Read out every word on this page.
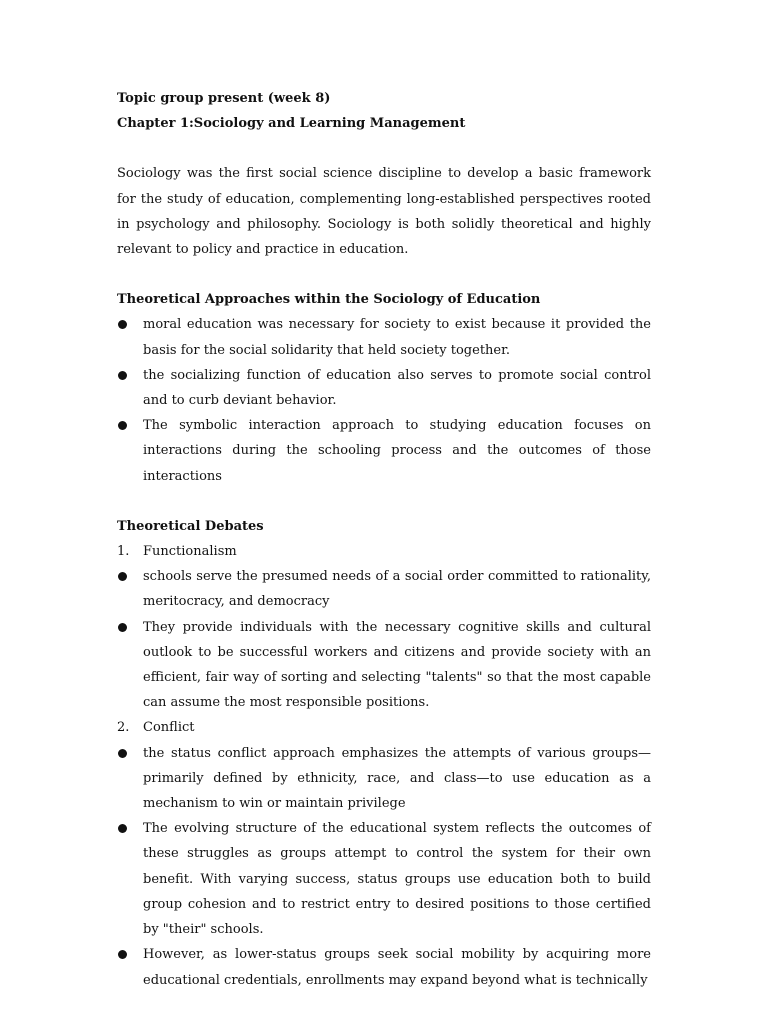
Topic group present (week 8)

Chapter 1:Sociology and Learning Management

Sociology was the first social science discipline to develop a basic framework for the study of education, complementing long-established perspectives rooted in psychology and philosophy. Sociology is both solidly theoretical and highly relevant to policy and practice in education.

Theoretical Approaches within the Sociology of Education

moral education was necessary for society to exist because it provided the basis for the social solidarity that held society together.
the socializing function of education also serves to promote social control and to curb deviant behavior.
The symbolic interaction approach to studying education focuses on interactions during the schooling process and the outcomes of those interactions

Theoretical Debates

1. Functionalism
schools serve the presumed needs of a social order committed to rationality, meritocracy, and democracy
They provide individuals with the necessary cognitive skills and cultural outlook to be successful workers and citizens and provide society with an efficient, fair way of sorting and selecting "talents" so that the most capable can assume the most responsible positions.
2. Conflict
the status conflict approach emphasizes the attempts of various groups—primarily defined by ethnicity, race, and class—to use education as a mechanism to win or maintain privilege
The evolving structure of the educational system reflects the outcomes of these struggles as groups attempt to control the system for their own benefit. With varying success, status groups use education both to build group cohesion and to restrict entry to desired positions to those certified by "their" schools.
However, as lower-status groups seek social mobility by acquiring more educational credentials, enrollments may expand beyond what is technically
